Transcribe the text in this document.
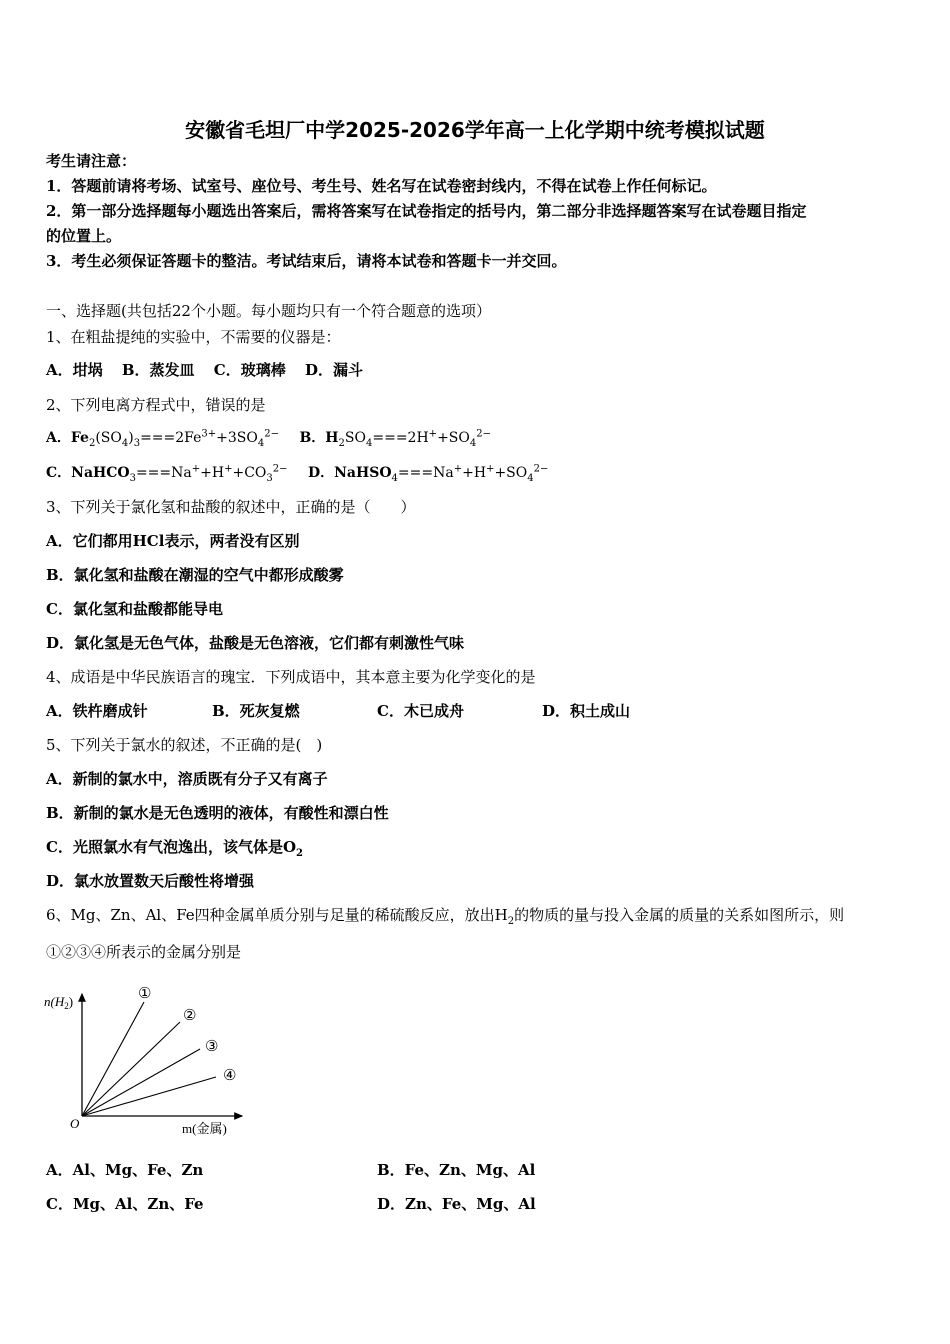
安徽省毛坦厂中学2025-2026学年高一上化学期中统考模拟试题
考生请注意：
1．答题前请将考场、试室号、座位号、考生号、姓名写在试卷密封线内，不得在试卷上作任何标记。
2．第一部分选择题每小题选出答案后，需将答案写在试卷指定的括号内，第二部分非选择题答案写在试卷题目指定
的位置上。
3．考生必须保证答题卡的整洁。考试结束后，请将本试卷和答题卡一并交回。
一、选择题(共包括22个小题。每小题均只有一个符合题意的选项）
1、在粗盐提纯的实验中，不需要的仪器是：
A．坩埚 B．蒸发皿 C．玻璃棒 D．漏斗
2、下列电离方程式中，错误的是
A．$Fe_2(SO_4)_3===2Fe^{3+}+3SO_4^{2-}$ B．$H_2SO_4===2H^++SO_4^{2-}$
C．$NaHCO_3===Na^++H^++CO_3^{2-}$ D．$NaHSO_4===Na^++H^++SO_4^{2-}$
3、下列关于氯化氢和盐酸的叙述中，正确的是（　　）
A．它们都用HCl表示，两者没有区别
B．氯化氢和盐酸在潮湿的空气中都形成酸雾
C．氯化氢和盐酸都能导电
D．氯化氢是无色气体，盐酸是无色溶液，它们都有刺激性气味
4、成语是中华民族语言的瑰宝．下列成语中，其本意主要为化学变化的是
A．铁杵磨成针	B．死灰复燃	C．木已成舟	D．积土成山
5、下列关于氯水的叙述，不正确的是(　)
A．新制的氯水中，溶质既有分子又有离子
B．新制的氯水是无色透明的液体，有酸性和漂白性
C．光照氯水有气泡逸出，该气体是$O_2$
D．氯水放置数天后酸性将增强
6、Mg、Zn、Al、Fe四种金属单质分别与足量的稀硫酸反应，放出$H_2$的物质的量与投入金属的质量的关系如图所示，则
①②③④所表示的金属分别是
$n(H_2)$
m(金属)
O
①
②
③
④
A．Al、Mg、Fe、Zn	B．Fe、Zn、Mg、Al
C．Mg、Al、Zn、Fe	D．Zn、Fe、Mg、Al
